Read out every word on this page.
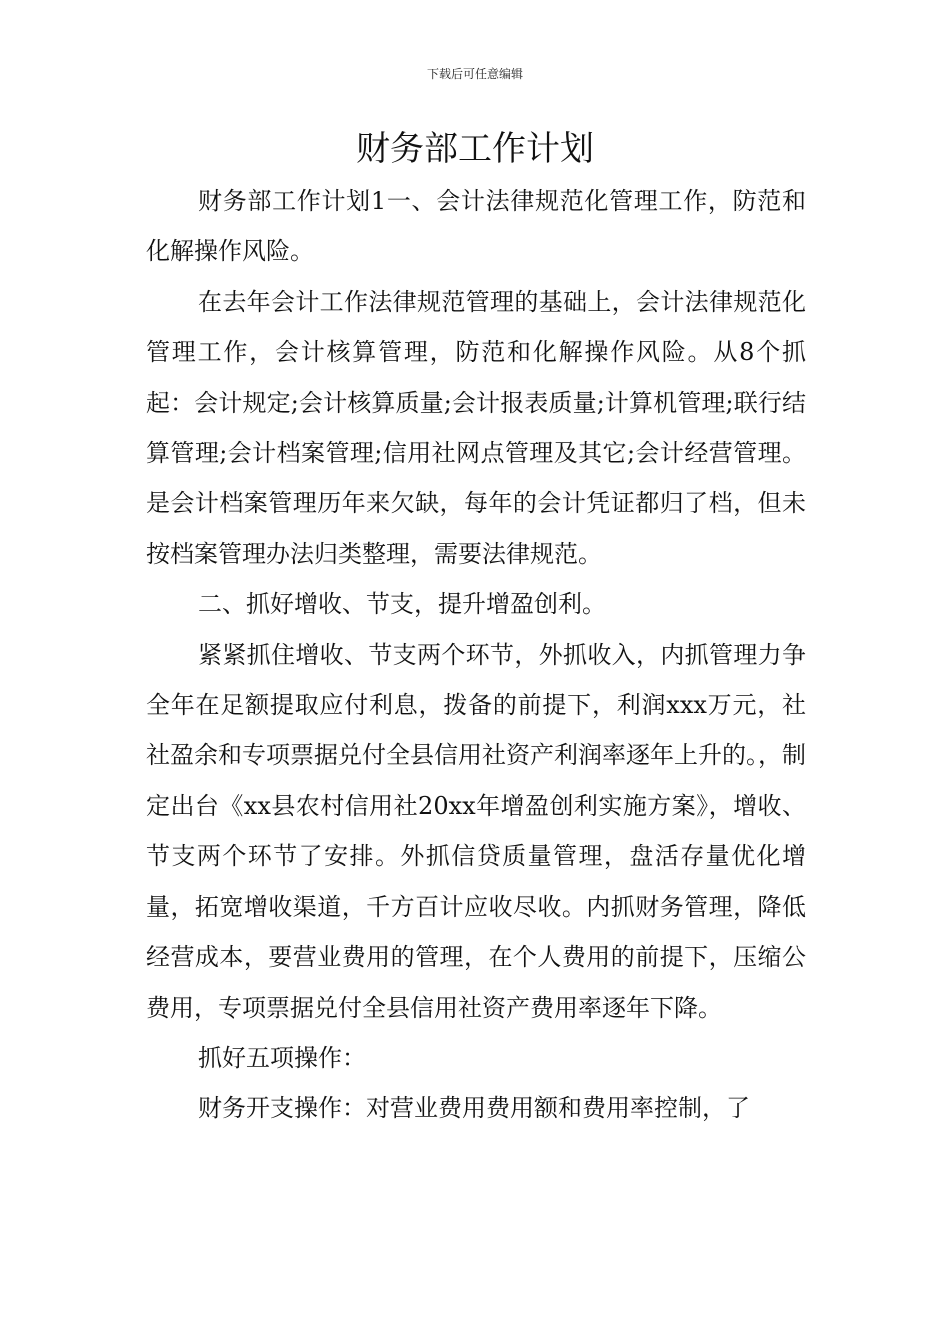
下载后可任意编辑
财务部工作计划

财务部工作计划1一、会计法律规范化管理工作，防范和化解操作风险。

在去年会计工作法律规范管理的基础上，会计法律规范化管理工作，会计核算管理，防范和化解操作风险。从8个抓起：会计规定;会计核算质量;会计报表质量;计算机管理;联行结算管理;会计档案管理;信用社网点管理及其它;会计经营管理。是会计档案管理历年来欠缺，每年的会计凭证都归了档，但未按档案管理办法归类整理，需要法律规范。

二、抓好增收、节支，提升增盈创利。

紧紧抓住增收、节支两个环节，外抓收入，内抓管理力争全年在足额提取应付利息，拨备的前提下，利润xxx万元，社社盈余和专项票据兑付全县信用社资产利润率逐年上升的。，制定出台《xx县农村信用社20xx年增盈创利实施方案》，增收、节支两个环节了安排。外抓信贷质量管理，盘活存量优化增量，拓宽增收渠道，千方百计应收尽收。内抓财务管理，降低经营成本，要营业费用的管理，在个人费用的前提下，压缩公费用，专项票据兑付全县信用社资产费用率逐年下降。

抓好五项操作：

财务开支操作：对营业费用费用额和费用率控制，了
